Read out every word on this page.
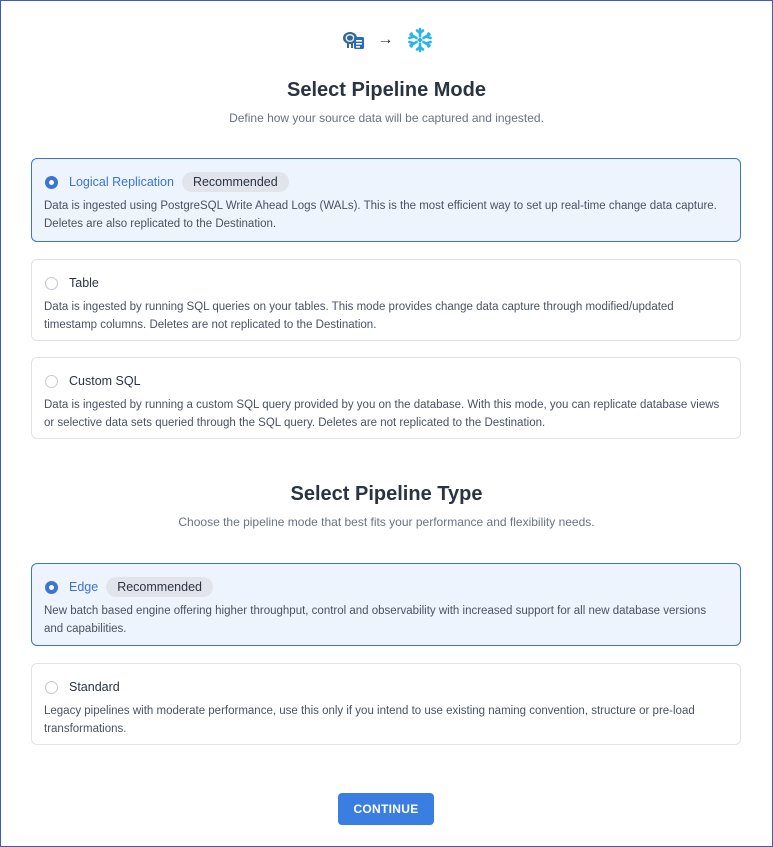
→
Select Pipeline Mode
Define how your source data will be captured and ingested.
Logical Replication	Recommended
Data is ingested using PostgreSQL Write Ahead Logs (WALs). This is the most efficient way to set up real-time change data capture. Deletes are also replicated to the Destination.
Table
Data is ingested by running SQL queries on your tables. This mode provides change data capture through modified/updated timestamp columns. Deletes are not replicated to the Destination.
Custom SQL
Data is ingested by running a custom SQL query provided by you on the database. With this mode, you can replicate database views or selective data sets queried through the SQL query. Deletes are not replicated to the Destination.
Select Pipeline Type
Choose the pipeline mode that best fits your performance and flexibility needs.
Edge	Recommended
New batch based engine offering higher throughput, control and observability with increased support for all new database versions and capabilities.
Standard
Legacy pipelines with moderate performance, use this only if you intend to use existing naming convention, structure or pre-load transformations.
CONTINUE
